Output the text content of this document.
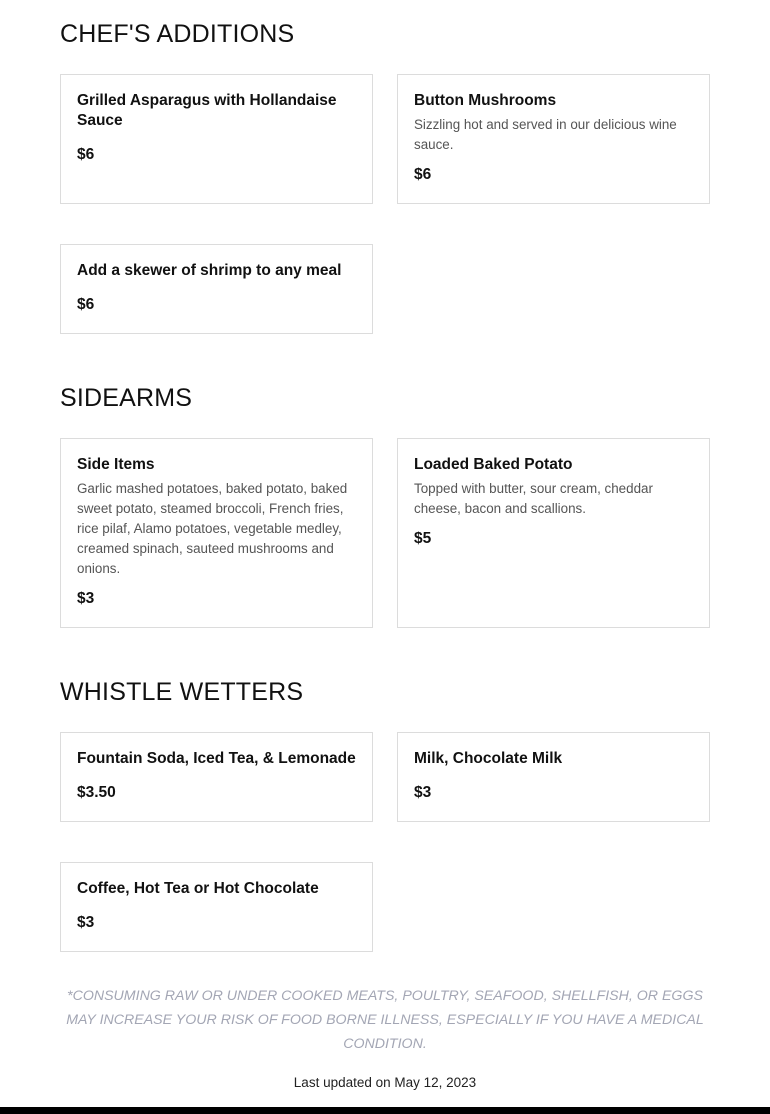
CHEF'S ADDITIONS

Grilled Asparagus with Hollandaise Sauce

$6

Button Mushrooms

Sizzling hot and served in our delicious wine sauce.

$6

Add a skewer of shrimp to any meal

$6

SIDEARMS

Side Items

Garlic mashed potatoes, baked potato, baked sweet potato, steamed broccoli, French fries, rice pilaf, Alamo potatoes, vegetable medley, creamed spinach, sauteed mushrooms and onions.

$3

Loaded Baked Potato

Topped with butter, sour cream, cheddar cheese, bacon and scallions.

$5

WHISTLE WETTERS

Fountain Soda, Iced Tea, & Lemonade

$3.50

Milk, Chocolate Milk

$3

Coffee, Hot Tea or Hot Chocolate

$3

*CONSUMING RAW OR UNDER COOKED MEATS, POULTRY, SEAFOOD, SHELLFISH, OR EGGS MAY INCREASE YOUR RISK OF FOOD BORNE ILLNESS, ESPECIALLY IF YOU HAVE A MEDICAL CONDITION.

Last updated on May 12, 2023
